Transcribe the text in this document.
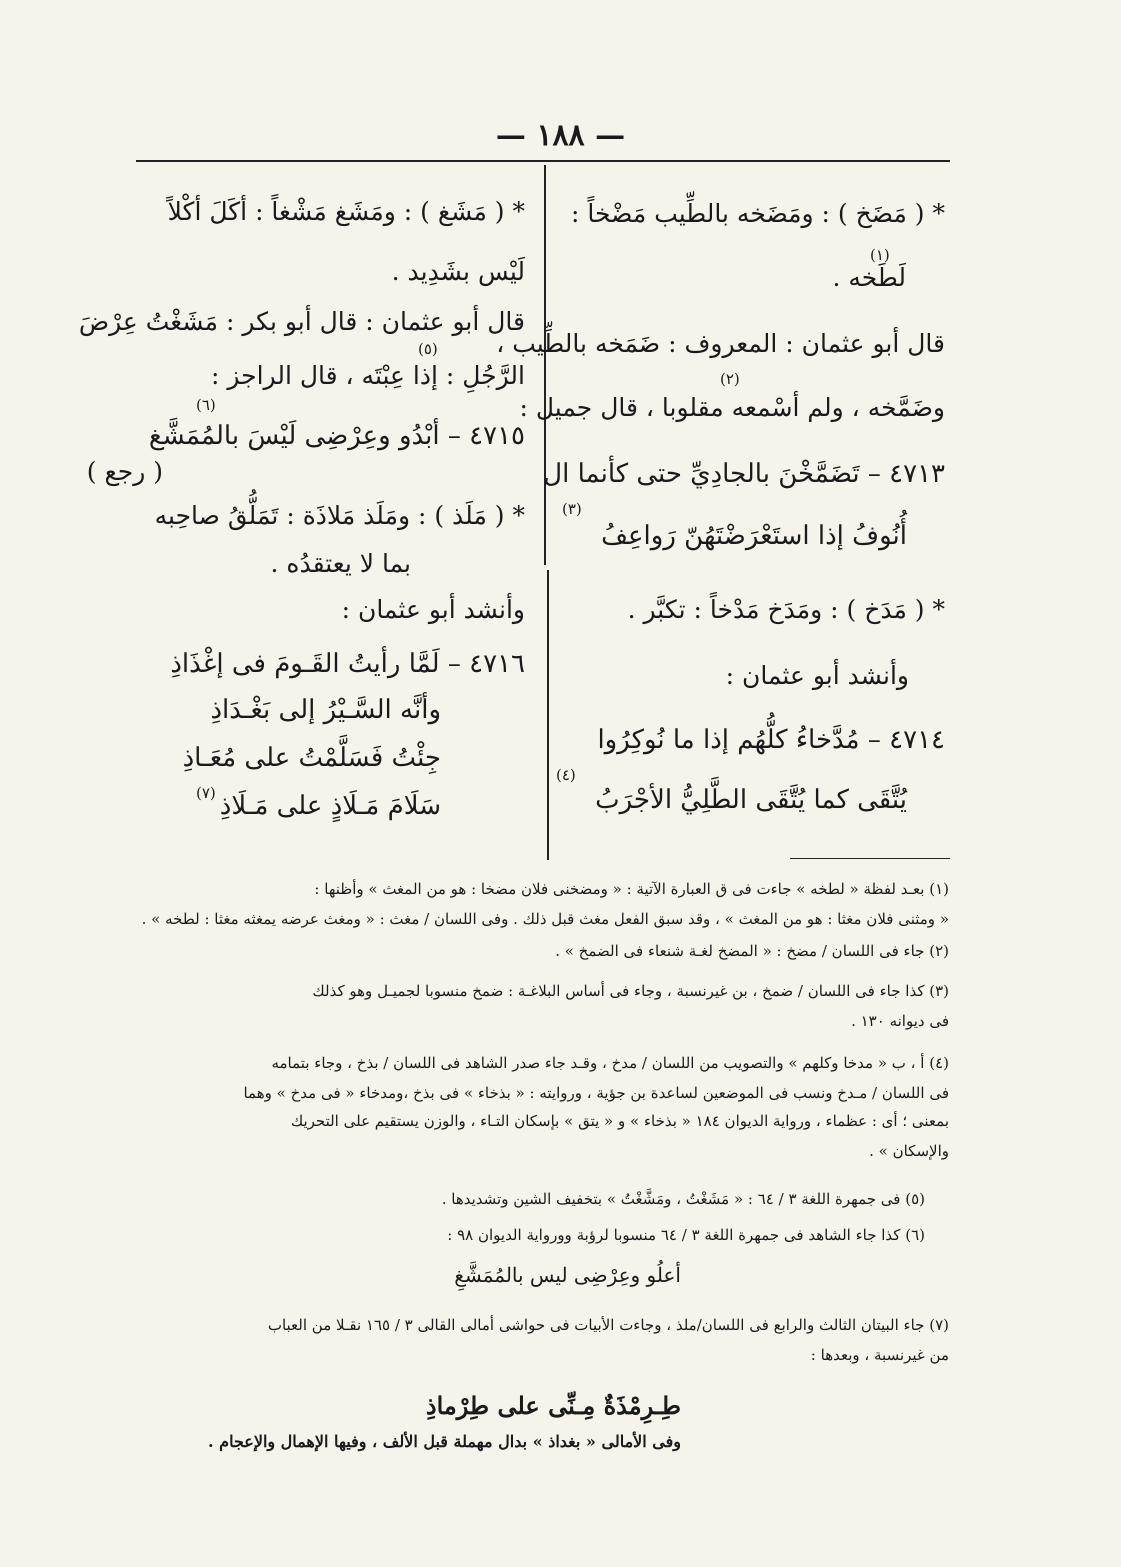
— ١٨٨ —
* ( مَضَخ ) : ومَضَخه بالطِّيب مَضْخاً :
لَطَخه .
قال أبو عثمان : المعروف : ضَمَخه بالطِّيب ،
وضَمَّخه ، ولم أسْمعه مقلوبا ، قال جميل :
٤٧١٣ – تَضَمَّخْنَ بالجادِيِّ حتى كأنما ال
أُنُوفُ إذا استَعْرَضْتَهُنّ رَواعِفُ
* ( مَدَخ ) : ومَدَخ مَدْخاً : تكبَّر .
وأنشد أبو عثمان :
٤٧١٤ – مُدَّخاءُ كلُّهُم إذا ما نُوكِرُوا
يُتَّقَى كما يُتَّقَى الطَّلِيُّ الأجْرَبُ
(١)
(٢)
(٣)
(٤)
* ( مَشَغ ) : ومَشَغ مَشْغاً : أكَلَ أكْلاً
لَيْس بشَدِيد .
قال أبو عثمان : قال أبو بكر : مَشَغْتُ عِرْضَ
الرَّجُلِ : إذا عِبْتَه ، قال الراجز :
٤٧١٥ – أبْدُو وعِرْضِى لَيْسَ بالمُمَشَّغ
( رجع )
* ( مَلَذ ) : ومَلَذ مَلاذَة : تَمَلُّقُ صاحِبه
بما لا يعتقدُه .
وأنشد أبو عثمان :
٤٧١٦ – لَمَّا رأيتُ القَـومَ فى إغْذَاذِ
وأنَّه السَّـيْرُ إلى بَغْـدَاذِ
جِئْتُ فَسَلَّمْتُ على مُعَـاذِ
سَلَامَ مَـلَاذٍ على مَـلَاذِ
(٥)
(٦)
(٧)
(١) بعـد لفظة « لطخه » جاءت فى ق العبارة الآتية : « ومضخنى فلان مضخا : هو من المغث » وأظنها :
« ومثنى فلان مغثا : هو من المغث » ، وقد سبق الفعل مغث قبل ذلك . وفى اللسان / مغث : « ومغث عرضه يمغثه مغثا : لطخه » .
(٢) جاء فى اللسان / مضخ : « المضخ لغـة شنعاء فى الضمخ » .
(٣) كذا جاء فى اللسان / ضمخ ، بن غيرنسبة ، وجاء فى أساس البلاغـة : ضمخ منسوبا لجميـل وهو كذلك
فى ديوانه ١٣٠ .
(٤) أ ، ب « مدخا وكلهم » والتصويب من اللسان / مدخ ، وقـد جاء صدر الشاهد فى اللسان / بذخ ، وجاء بتمامه
فى اللسان / مـدخ ونسب فى الموضعين لساعدة بن جؤية ، وروايته : « بذخاء » فى بذخ ،ومدخاء « فى مدخ » وهما
بمعنى ؛ أى : عظماء ، ورواية الديوان ١٨٤ « بذخاء » و « يتق » بإسكان التـاء ، والوزن يستقيم على التحريك
والإسكان » .
(٥) فى جمهرة اللغة ٣ / ٦٤ : « مَشَغْتُ ، ومَشَّغْتُ » بتخفيف الشين وتشديدها .
(٦) كذا جاء الشاهد فى جمهرة اللغة ٣ / ٦٤ منسوبا لرؤبة وورواية الديوان ٩٨ :
أعلُو وعِرْضِى ليس بالمُمَشَّغِ
(٧) جاء البيتان الثالث والرابع فى اللسان/ملذ ، وجاءت الأبيات فى حواشى أمالى القالى ٣ / ١٦٥ نقـلا من العباب
من غيرنسبة ، وبعدها :
طِـرِمْذَةٌ مِـنِّى على طِرْماذِ
وفى الأمالى « بغداذ » بدال مهملة قبل الألف ، وفيها الإهمال والإعجام .
